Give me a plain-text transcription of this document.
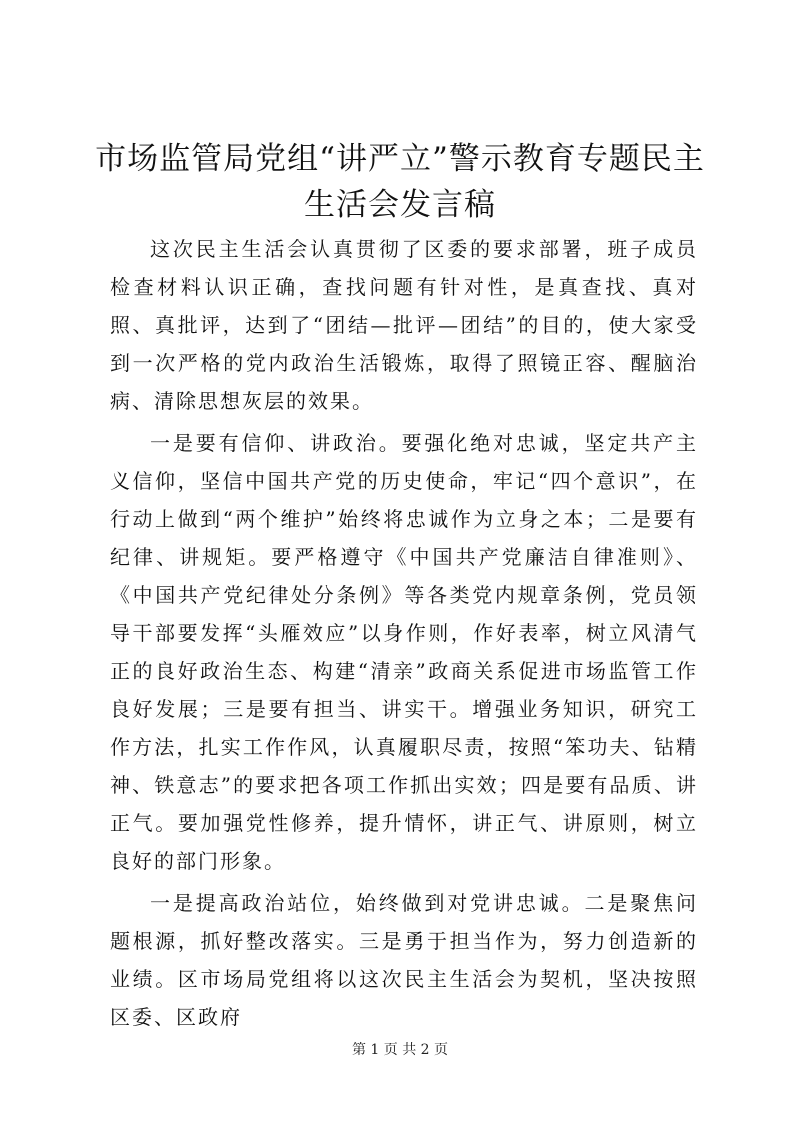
市场监管局党组“讲严立”警示教育专题民主生活会发言稿

这次民主生活会认真贯彻了区委的要求部署，班子成员检查材料认识正确，查找问题有针对性，是真查找、真对照、真批评，达到了“团结—批评—团结”的目的，使大家受到一次严格的党内政治生活锻炼，取得了照镜正容、醒脑治病、清除思想灰层的效果。

一是要有信仰、讲政治。要强化绝对忠诚，坚定共产主义信仰，坚信中国共产党的历史使命，牢记“四个意识”，在行动上做到“两个维护”始终将忠诚作为立身之本；二是要有纪律、讲规矩。要严格遵守《中国共产党廉洁自律准则》、《中国共产党纪律处分条例》等各类党内规章条例，党员领导干部要发挥“头雁效应”以身作则，作好表率，树立风清气正的良好政治生态、构建“清亲”政商关系促进市场监管工作良好发展；三是要有担当、讲实干。增强业务知识，研究工作方法，扎实工作作风，认真履职尽责，按照“笨功夫、钻精神、铁意志”的要求把各项工作抓出实效；四是要有品质、讲正气。要加强党性修养，提升情怀，讲正气、讲原则，树立良好的部门形象。

一是提高政治站位，始终做到对党讲忠诚。二是聚焦问题根源，抓好整改落实。三是勇于担当作为，努力创造新的业绩。区市场局党组将以这次民主生活会为契机，坚决按照区委、区政府

第 1 页 共 2 页
